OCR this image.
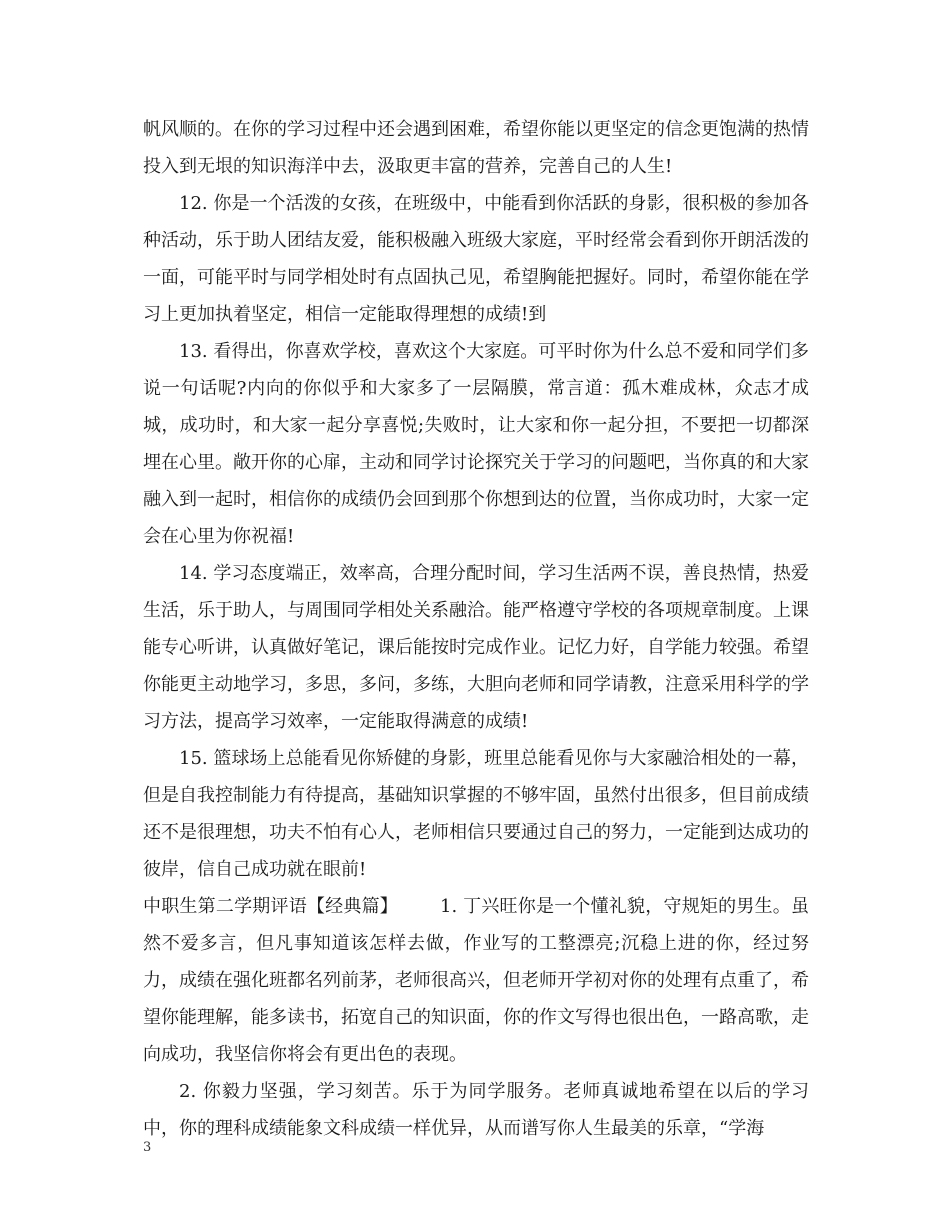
帆风顺的。在你的学习过程中还会遇到困难，希望你能以更坚定的信念更饱满的热情投入到无垠的知识海洋中去，汲取更丰富的营养，完善自己的人生!

12. 你是一个活泼的女孩，在班级中，中能看到你活跃的身影，很积极的参加各种活动，乐于助人团结友爱，能积极融入班级大家庭，平时经常会看到你开朗活泼的一面，可能平时与同学相处时有点固执己见，希望胸能把握好。同时，希望你能在学习上更加执着坚定，相信一定能取得理想的成绩!到

13. 看得出，你喜欢学校，喜欢这个大家庭。可平时你为什么总不爱和同学们多说一句话呢?内向的你似乎和大家多了一层隔膜，常言道：孤木难成林，众志才成城，成功时，和大家一起分享喜悦;失败时，让大家和你一起分担，不要把一切都深埋在心里。敞开你的心扉，主动和同学讨论探究关于学习的问题吧，当你真的和大家融入到一起时，相信你的成绩仍会回到那个你想到达的位置，当你成功时，大家一定会在心里为你祝福!

14. 学习态度端正，效率高，合理分配时间，学习生活两不误，善良热情，热爱生活，乐于助人，与周围同学相处关系融洽。能严格遵守学校的各项规章制度。上课能专心听讲，认真做好笔记，课后能按时完成作业。记忆力好，自学能力较强。希望你能更主动地学习，多思，多问，多练，大胆向老师和同学请教，注意采用科学的学习方法，提高学习效率，一定能取得满意的成绩!

15. 篮球场上总能看见你矫健的身影，班里总能看见你与大家融洽相处的一幕，但是自我控制能力有待提高，基础知识掌握的不够牢固，虽然付出很多，但目前成绩还不是很理想，功夫不怕有心人，老师相信只要通过自己的努力，一定能到达成功的彼岸，信自己成功就在眼前!

中职生第二学期评语【经典篇】 1. 丁兴旺你是一个懂礼貌，守规矩的男生。虽然不爱多言，但凡事知道该怎样去做，作业写的工整漂亮;沉稳上进的你，经过努力，成绩在强化班都名列前茅，老师很高兴，但老师开学初对你的处理有点重了，希望你能理解，能多读书，拓宽自己的知识面，你的作文写得也很出色，一路高歌，走向成功，我坚信你将会有更出色的表现。

2. 你毅力坚强，学习刻苦。乐于为同学服务。老师真诚地希望在以后的学习中，你的理科成绩能象文科成绩一样优异，从而谱写你人生最美的乐章，“学海

3
